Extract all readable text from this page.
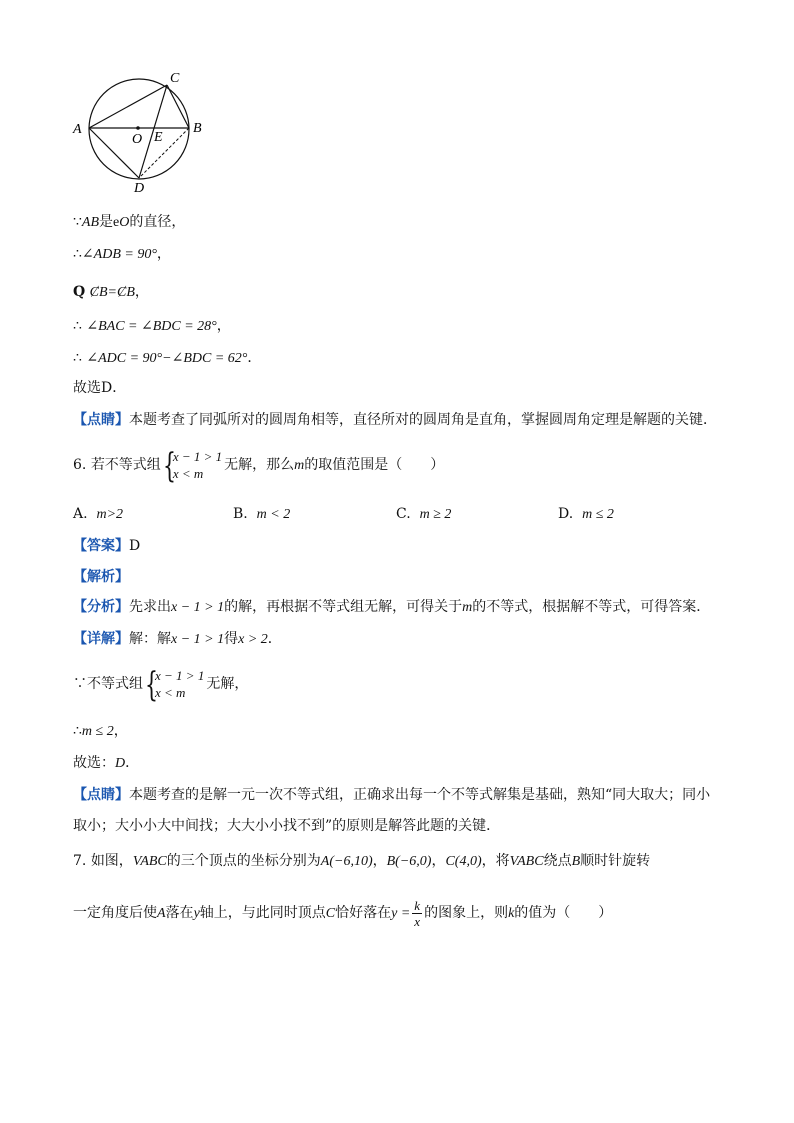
A	B
C
D
O E
∵AB是eO的直径，
∴∠ADB = 90°，
Q ȻB=ȻB，
∴ ∠BAC = ∠BDC = 28°，
∴ ∠ADC = 90°−∠BDC = 62°．
故选D．
【点睛】本题考查了同弧所对的圆周角相等，直径所对的圆周角是直角，掌握圆周角定理是解题的关键．
6. 若不等式组 {
x − 1 > 1
x < m
无解，那么m的取值范围是（　　）
A. m>2	B. m < 2	C. m ≥ 2	D. m ≤ 2
【答案】D
【解析】
【分析】先求出x − 1 > 1的解，再根据不等式组无解，可得关于m的不等式，根据解不等式，可得答案．
【详解】解：解x − 1 > 1得x > 2．
∵不等式组 {
x − 1 > 1
x < m
无解，
∴m ≤ 2，
故选：D．
【点睛】本题考查的是解一元一次不等式组，正确求出每一个不等式解集是基础，熟知“同大取大；同小
取小；大小小大中间找；大大小小找不到”的原则是解答此题的关键．
7. 如图，VABC的三个顶点的坐标分别为A(−6,10)，B(−6,0)，C(4,0)，将VABC绕点B顺时针旋转
一定角度后使A落在y轴上，与此同时顶点C恰好落在$y = \frac{k}{x}$ 的图象上，则k的值为（　　）
